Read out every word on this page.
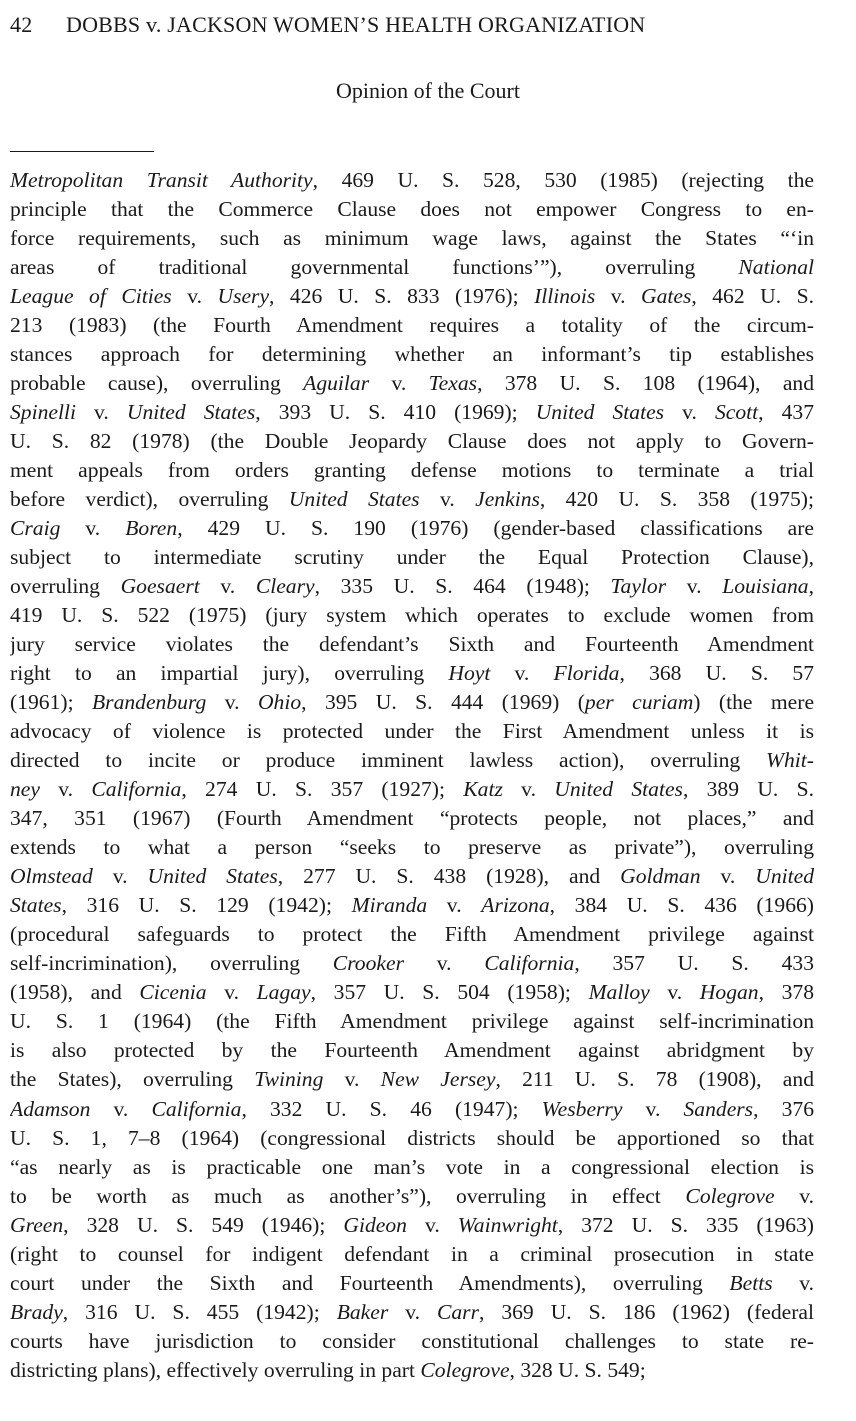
42 DOBBS v. JACKSON WOMEN’S HEALTH ORGANIZATION
Opinion of the Court
Metropolitan Transit Authority, 469 U. S. 528, 530 (1985) (rejecting the
principle that the Commerce Clause does not empower Congress to en-
force requirements, such as minimum wage laws, against the States “‘in
areas of traditional governmental functions’”), overruling National
League of Cities v. Usery, 426 U. S. 833 (1976); Illinois v. Gates, 462 U. S.
213 (1983) (the Fourth Amendment requires a totality of the circum-
stances approach for determining whether an informant’s tip establishes
probable cause), overruling Aguilar v. Texas, 378 U. S. 108 (1964), and
Spinelli v. United States, 393 U. S. 410 (1969); United States v. Scott, 437
U. S. 82 (1978) (the Double Jeopardy Clause does not apply to Govern-
ment appeals from orders granting defense motions to terminate a trial
before verdict), overruling United States v. Jenkins, 420 U. S. 358 (1975);
Craig v. Boren, 429 U. S. 190 (1976) (gender-based classifications are
subject to intermediate scrutiny under the Equal Protection Clause),
overruling Goesaert v. Cleary, 335 U. S. 464 (1948); Taylor v. Louisiana,
419 U. S. 522 (1975) (jury system which operates to exclude women from
jury service violates the defendant’s Sixth and Fourteenth Amendment
right to an impartial jury), overruling Hoyt v. Florida, 368 U. S. 57
(1961); Brandenburg v. Ohio, 395 U. S. 444 (1969) (per curiam) (the mere
advocacy of violence is protected under the First Amendment unless it is
directed to incite or produce imminent lawless action), overruling Whit-
ney v. California, 274 U. S. 357 (1927); Katz v. United States, 389 U. S.
347, 351 (1967) (Fourth Amendment “protects people, not places,” and
extends to what a person “seeks to preserve as private”), overruling
Olmstead v. United States, 277 U. S. 438 (1928), and Goldman v. United
States, 316 U. S. 129 (1942); Miranda v. Arizona, 384 U. S. 436 (1966)
(procedural safeguards to protect the Fifth Amendment privilege against
self-incrimination), overruling Crooker v. California, 357 U. S. 433
(1958), and Cicenia v. Lagay, 357 U. S. 504 (1958); Malloy v. Hogan, 378
U. S. 1 (1964) (the Fifth Amendment privilege against self-incrimination
is also protected by the Fourteenth Amendment against abridgment by
the States), overruling Twining v. New Jersey, 211 U. S. 78 (1908), and
Adamson v. California, 332 U. S. 46 (1947); Wesberry v. Sanders, 376
U. S. 1, 7–8 (1964) (congressional districts should be apportioned so that
“as nearly as is practicable one man’s vote in a congressional election is
to be worth as much as another’s”), overruling in effect Colegrove v.
Green, 328 U. S. 549 (1946); Gideon v. Wainwright, 372 U. S. 335 (1963)
(right to counsel for indigent defendant in a criminal prosecution in state
court under the Sixth and Fourteenth Amendments), overruling Betts v.
Brady, 316 U. S. 455 (1942); Baker v. Carr, 369 U. S. 186 (1962) (federal
courts have jurisdiction to consider constitutional challenges to state re-
districting plans), effectively overruling in part Colegrove, 328 U. S. 549;
